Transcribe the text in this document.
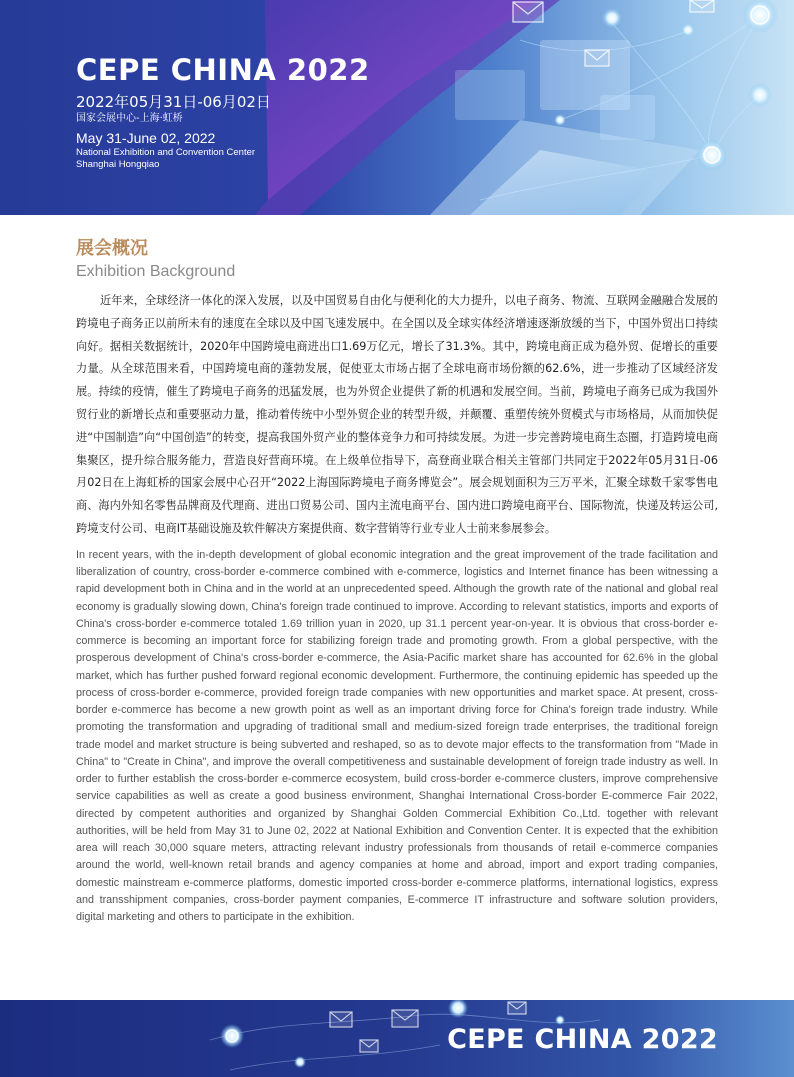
CEPE CHINA 2022
2022年05月31日-06月02日
国家会展中心-上海·虹桥
May 31-June 02, 2022
National Exhibition and Convention Center
Shanghai Hongqiao
展会概况
Exhibition Background

近年来，全球经济一体化的深入发展，以及中国贸易自由化与便利化的大力提升，以电子商务、物流、互联网金融融合发展的跨境电子商务正以前所未有的速度在全球以及中国飞速发展中。在全国以及全球实体经济增速逐渐放缓的当下，中国外贸出口持续向好。据相关数据统计，2020年中国跨境电商进出口1.69万亿元，增长了31.3%。其中，跨境电商正成为稳外贸、促增长的重要力量。从全球范围来看，中国跨境电商的蓬勃发展，促使亚太市场占据了全球电商市场份额的62.6%，进一步推动了区域经济发展。持续的疫情，催生了跨境电子商务的迅猛发展，也为外贸企业提供了新的机遇和发展空间。当前，跨境电子商务已成为我国外贸行业的新增长点和重要驱动力量，推动着传统中小型外贸企业的转型升级，并颠覆、重塑传统外贸模式与市场格局，从而加快促进“中国制造”向“中国创造”的转变，提高我国外贸产业的整体竞争力和可持续发展。为进一步完善跨境电商生态圈，打造跨境电商集聚区，提升综合服务能力，营造良好营商环境。在上级单位指导下，高登商业联合相关主管部门共同定于2022年05月31日-06月02日在上海虹桥的国家会展中心召开“2022上海国际跨境电子商务博览会”。展会规划面积为三万平米，汇聚全球数千家零售电商、海内外知名零售品牌商及代理商、进出口贸易公司、国内主流电商平台、国内进口跨境电商平台、国际物流，快递及转运公司,跨境支付公司、电商IT基础设施及软件解决方案提供商、数字营销等行业专业人士前来参展参会。

In recent years, with the in-depth development of global economic integration and the great improvement of the trade facilitation and liberalization of country, cross-border e-commerce combined with e-commerce, logistics and Internet finance has been witnessing a rapid development both in China and in the world at an unprecedented speed. Although the growth rate of the national and global real economy is gradually slowing down, China's foreign trade continued to improve. According to relevant statistics, imports and exports of China's cross-border e-commerce totaled 1.69 trillion yuan in 2020, up 31.1 percent year-on-year. It is obvious that cross-border e-commerce is becoming an important force for stabilizing foreign trade and promoting growth. From a global perspective, with the prosperous development of China's cross-border e-commerce, the Asia-Pacific market share has accounted for 62.6% in the global market, which has further pushed forward regional economic development. Furthermore, the continuing epidemic has speeded up the process of cross-border e-commerce, provided foreign trade companies with new opportunities and market space. At present, cross-border e-commerce has become a new growth point as well as an important driving force for China's foreign trade industry. While promoting the transformation and upgrading of traditional small and medium-sized foreign trade enterprises, the traditional foreign trade model and market structure is being subverted and reshaped, so as to devote major effects to the transformation from "Made in China" to "Create in China", and improve the overall competitiveness and sustainable development of foreign trade industry as well. In order to further establish the cross-border e-commerce ecosystem, build cross-border e-commerce clusters, improve comprehensive service capabilities as well as create a good business environment, Shanghai International Cross-border E-commerce Fair 2022, directed by competent authorities and organized by Shanghai Golden Commercial Exhibition Co.,Ltd. together with relevant authorities, will be held from May 31 to June 02, 2022 at National Exhibition and Convention Center. It is expected that the exhibition area will reach 30,000 square meters, attracting relevant industry professionals from thousands of retail e-commerce companies around the world, well-known retail brands and agency companies at home and abroad, import and export trading companies, domestic mainstream e-commerce platforms, domestic imported cross-border e-commerce platforms, international logistics, express and transshipment companies, cross-border payment companies, E-commerce IT infrastructure and software solution providers, digital marketing and others to participate in the exhibition.

CEPE CHINA 2022
